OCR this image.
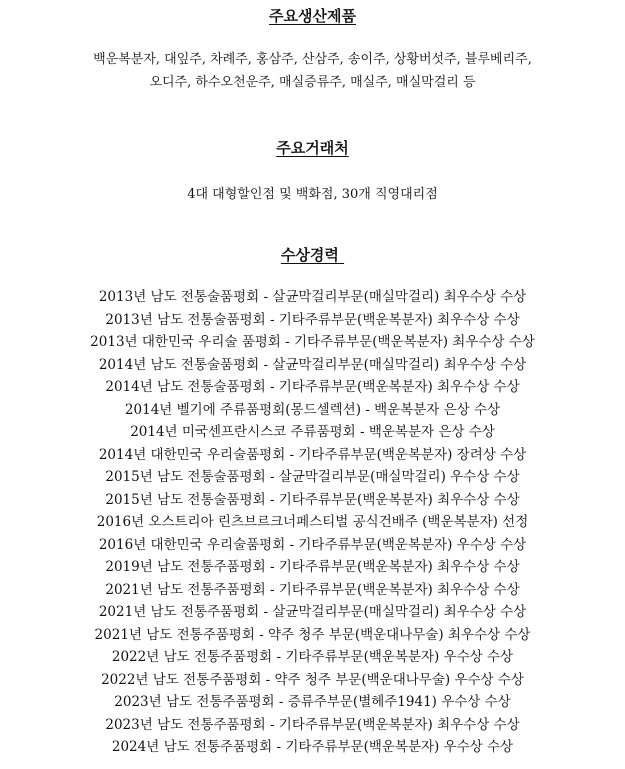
주요생산제품
백운복분자, 대잎주, 차례주, 홍삼주, 산삼주, 송이주, 상황버섯주, 블루베리주,
오디주, 하수오천운주, 매실증류주, 매실주, 매실막걸리 등
주요거래처
4대 대형할인점 및 백화점, 30개 직영대리점
수상경력
2013년 남도 전통술품평회 - 살균막걸리부문(매실막걸리) 최우수상 수상
2013년 남도 전통술품평회 - 기타주류부문(백운복분자) 최우수상 수상
2013년 대한민국 우리술 품평회 - 기타주류부문(백운복분자) 최우수상 수상
2014년 남도 전통술품평회 - 살균막걸리부문(매실막걸리) 최우수상 수상
2014년 남도 전통술품평회 - 기타주류부문(백운복분자) 최우수상 수상
2014년 벨기에 주류품평회(몽드셀렉션) - 백운복분자 은상 수상
2014년 미국센프란시스코 주류품평회 - 백운복분자 은상 수상
2014년 대한민국 우리술품평회 - 기타주류부문(백운복분자) 장려상 수상
2015년 남도 전통술품평회 - 살균막걸리부문(매실막걸리) 우수상 수상
2015년 남도 전통술품평회 - 기타주류부문(백운복분자) 최우수상 수상
2016년 오스트리아 린츠브르크너페스티벌 공식건배주 (백운복분자) 선정
2016년 대한민국 우리술품평회 - 기타주류부문(백운복분자) 우수상 수상
2019년 남도 전통주품평회 - 기타주류부문(백운복분자) 최우수상 수상
2021년 남도 전통주품평회 - 기타주류부문(백운복분자) 최우수상 수상
2021년 남도 전통주품평회 - 살균막걸리부문(매실막걸리) 최우수상 수상
2021년 남도 전통주품평회 - 약주 청주 부문(백운대나무술) 최우수상 수상
2022년 남도 전통주품평회 - 기타주류부문(백운복분자) 우수상 수상
2022년 남도 전통주품평회 - 약주 청주 부문(백운대나무술) 우수상 수상
2023년 남도 전통주품평회 - 증류주부문(별헤주1941) 우수상 수상
2023년 남도 전통주품평회 - 기타주류부문(백운복분자) 최우수상 수상
2024년 남도 전통주품평회 - 기타주류부문(백운복분자) 우수상 수상
